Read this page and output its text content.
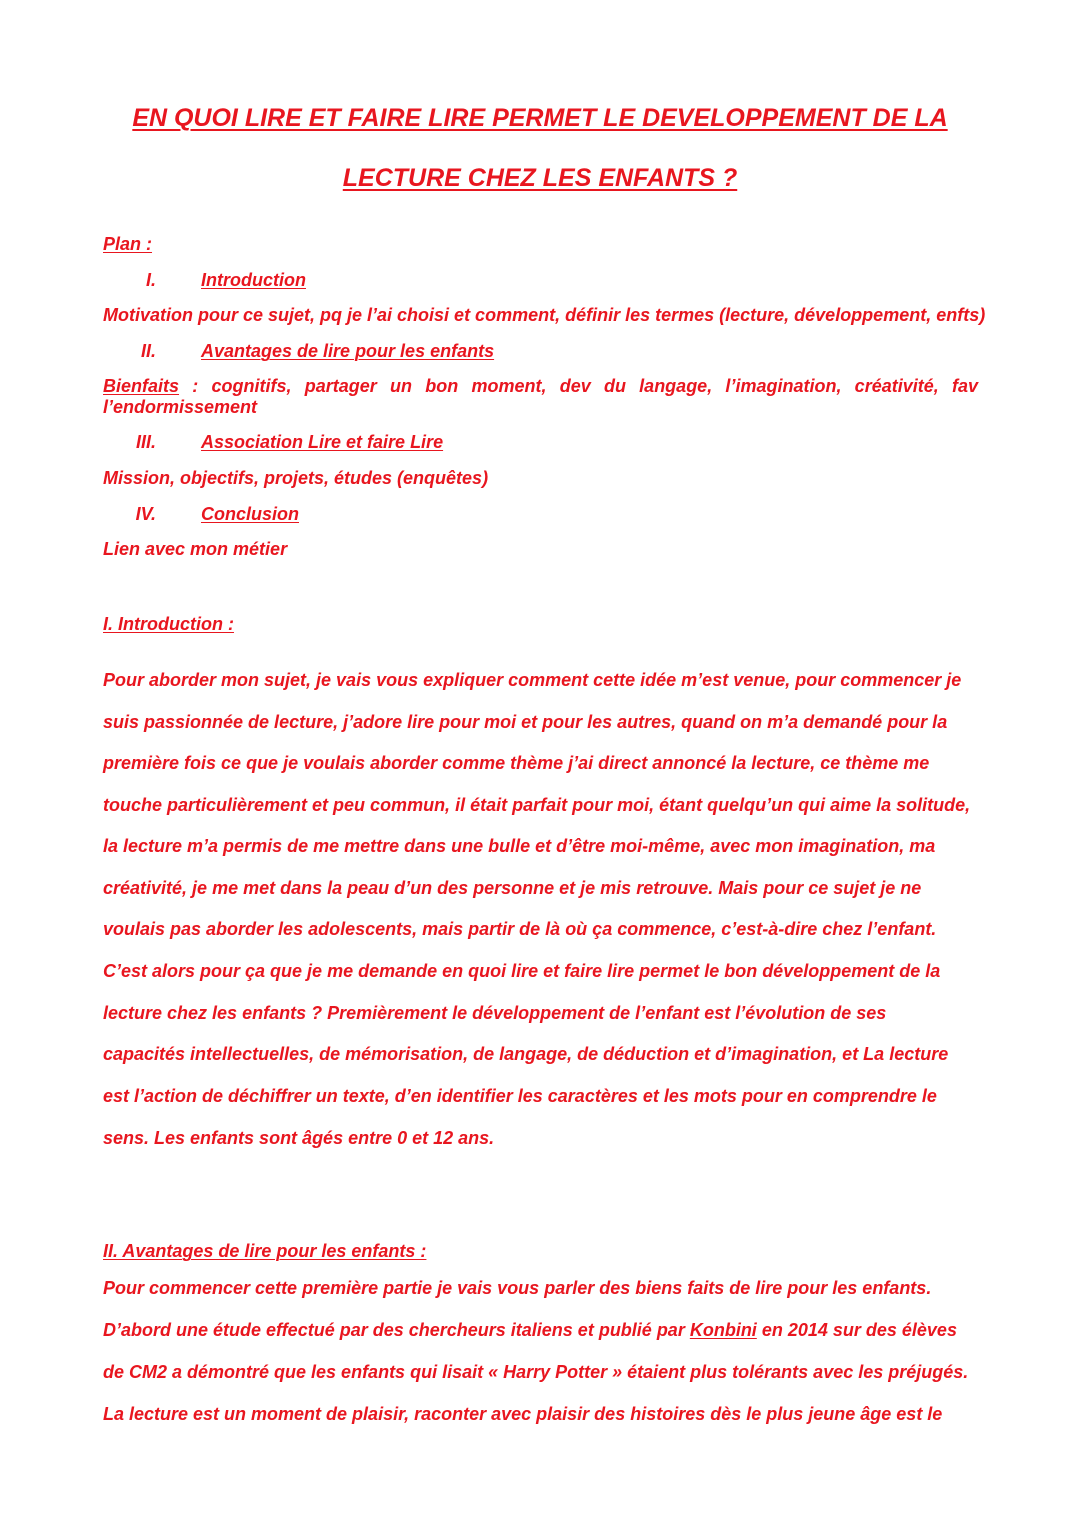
EN QUOI LIRE ET FAIRE LIRE PERMET LE DEVELOPPEMENT DE LA
LECTURE CHEZ LES ENFANTS ?
Plan :
I.	Introduction
Motivation pour ce sujet, pq je l’ai choisi et comment, définir les termes (lecture, développement, enfts)
II.	Avantages de lire pour les enfants
Bienfaits : cognitifs, partager un bon moment, dev du langage, l’imagination, créativité, fav
l’endormissement
III.	Association Lire et faire Lire
Mission, objectifs, projets, études (enquêtes)
IV.	Conclusion
Lien avec mon métier
I. Introduction :
Pour aborder mon sujet, je vais vous expliquer comment cette idée m’est venue, pour commencer je
suis passionnée de lecture, j’adore lire pour moi et pour les autres, quand on m’a demandé pour la
première fois ce que je voulais aborder comme thème j’ai direct annoncé la lecture, ce thème me
touche particulièrement et peu commun, il était parfait pour moi, étant quelqu’un qui aime la solitude,
la lecture m’a permis de me mettre dans une bulle et d’être moi-même, avec mon imagination, ma
créativité, je me met dans la peau d’un des personne et je mis retrouve. Mais pour ce sujet je ne
voulais pas aborder les adolescents, mais partir de là où ça commence, c’est-à-dire chez l’enfant.
C’est alors pour ça que je me demande en quoi lire et faire lire permet le bon développement de la
lecture chez les enfants ? Premièrement le développement de l’enfant est l’évolution de ses
capacités intellectuelles, de mémorisation, de langage, de déduction et d’imagination, et La lecture
est l’action de déchiffrer un texte, d’en identifier les caractères et les mots pour en comprendre le
sens. Les enfants sont âgés entre 0 et 12 ans.
II. Avantages de lire pour les enfants :
Pour commencer cette première partie je vais vous parler des biens faits de lire pour les enfants.
D’abord une étude effectué par des chercheurs italiens et publié par Konbini en 2014 sur des élèves
de CM2 a démontré que les enfants qui lisait « Harry Potter » étaient plus tolérants avec les préjugés.
La lecture est un moment de plaisir, raconter avec plaisir des histoires dès le plus jeune âge est le
